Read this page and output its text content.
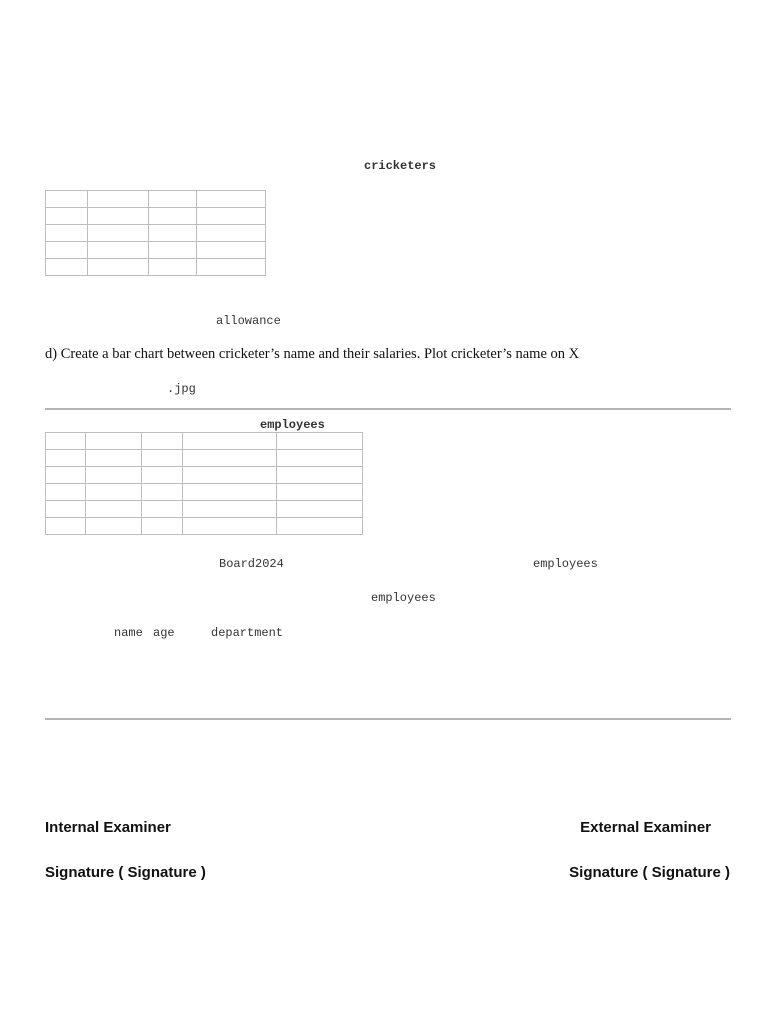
cricketers

allowance
d) Create a bar chart between cricketer’s name and their salaries. Plot cricketer’s name on X
.jpg
employees

Board2024	employees
employees
name age	department
Internal Examiner	External Examiner
Signature ( Signature )	Signature ( Signature )
